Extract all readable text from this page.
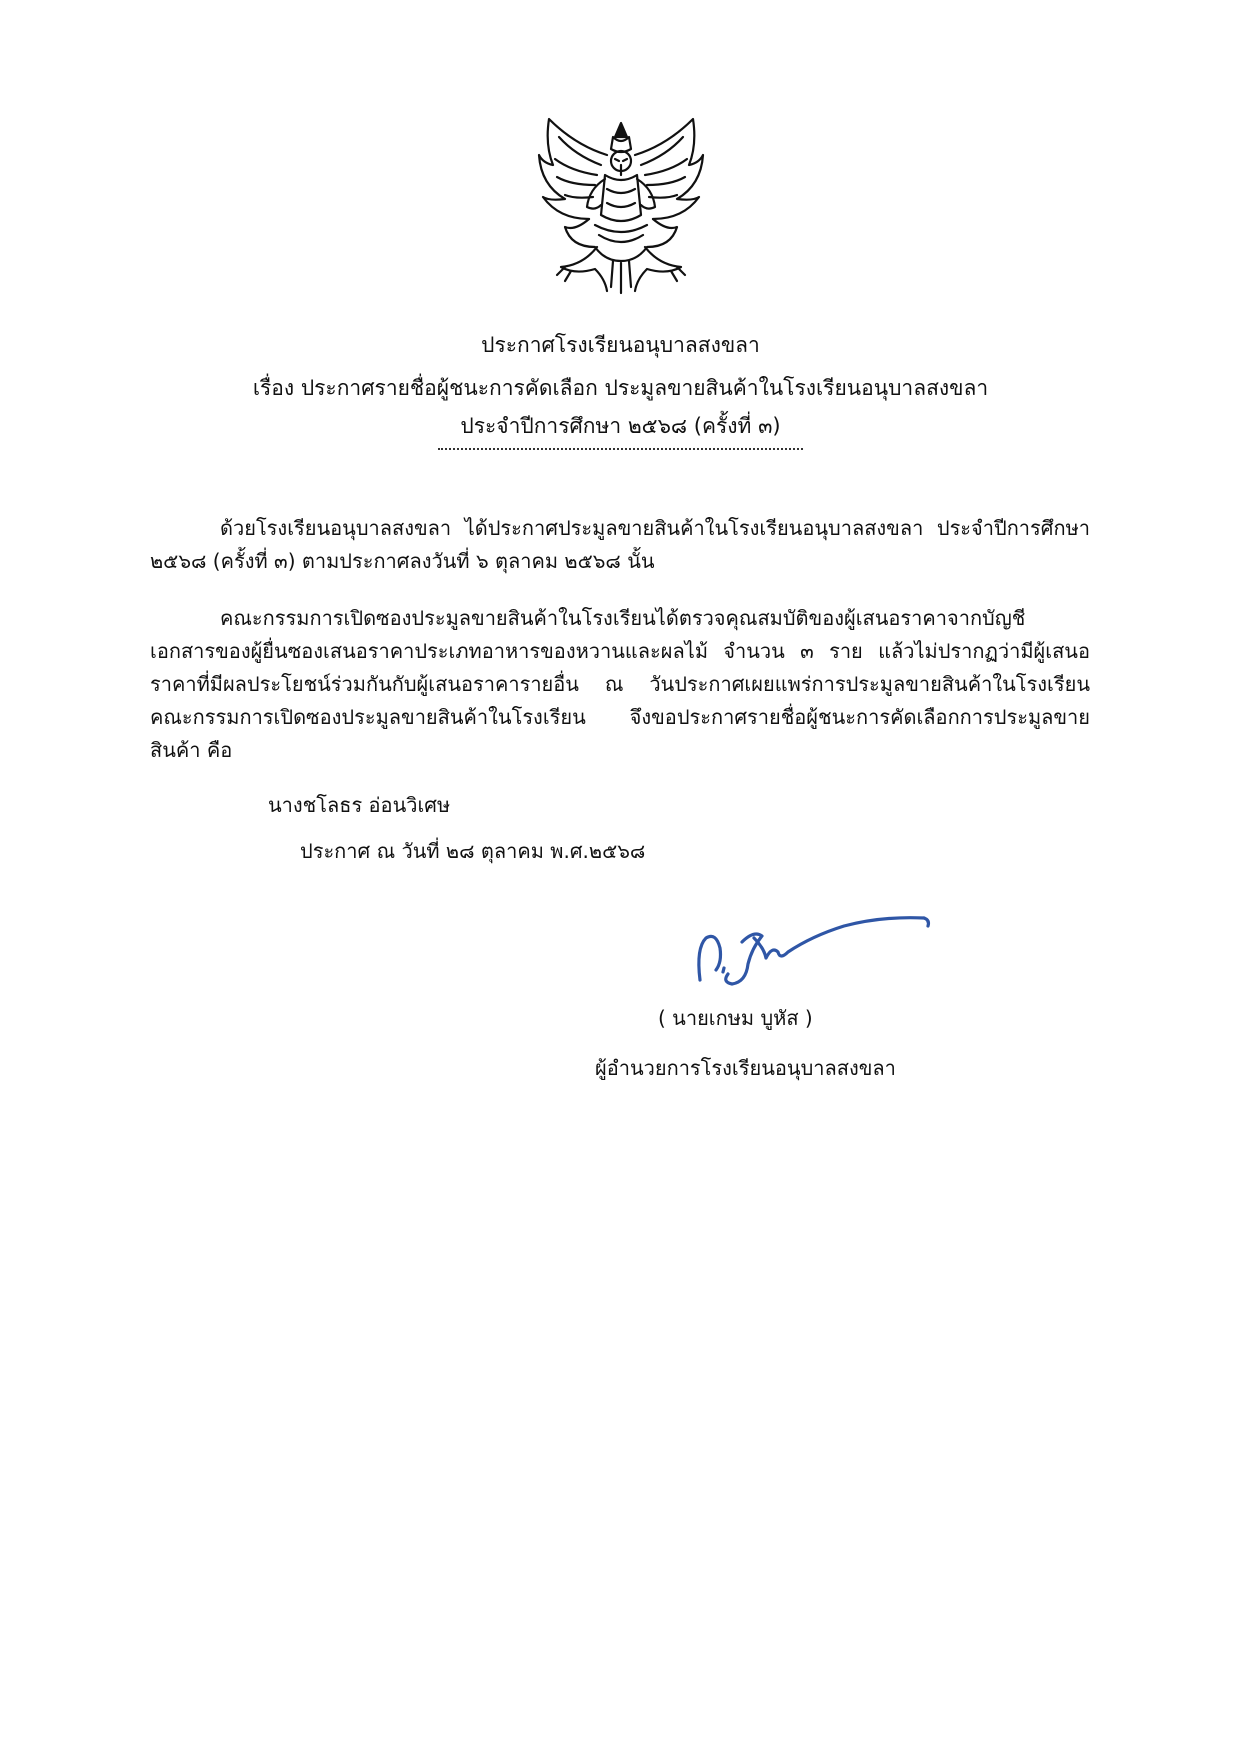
ประกาศโรงเรียนอนุบาลสงขลา
เรื่อง ประกาศรายชื่อผู้ชนะการคัดเลือก ประมูลขายสินค้าในโรงเรียนอนุบาลสงขลา
ประจำปีการศึกษา ๒๕๖๘ (ครั้งที่ ๓)

ด้วยโรงเรียนอนุบาลสงขลา ได้ประกาศประมูลขายสินค้าในโรงเรียนอนุบาลสงขลา ประจำปีการศึกษา ๒๕๖๘ (ครั้งที่ ๓) ตามประกาศลงวันที่ ๖ ตุลาคม ๒๕๖๘ นั้น

คณะกรรมการเปิดซองประมูลขายสินค้าในโรงเรียนได้ตรวจคุณสมบัติของผู้เสนอราคาจากบัญชีเอกสารของผู้ยื่นซองเสนอราคาประเภทอาหารของหวานและผลไม้ จำนวน ๓ ราย แล้วไม่ปรากฏว่ามีผู้เสนอราคาที่มีผลประโยชน์ร่วมกันกับผู้เสนอราคารายอื่น ณ วันประกาศเผยแพร่การประมูลขายสินค้าในโรงเรียน คณะกรรมการเปิดซองประมูลขายสินค้าในโรงเรียน จึงขอประกาศรายชื่อผู้ชนะการคัดเลือกการประมูลขายสินค้า คือ

นางชโลธร อ่อนวิเศษ
ประกาศ ณ วันที่ ๒๘ ตุลาคม พ.ศ.๒๕๖๘
( นายเกษม บูหัส )
ผู้อำนวยการโรงเรียนอนุบาลสงขลา
